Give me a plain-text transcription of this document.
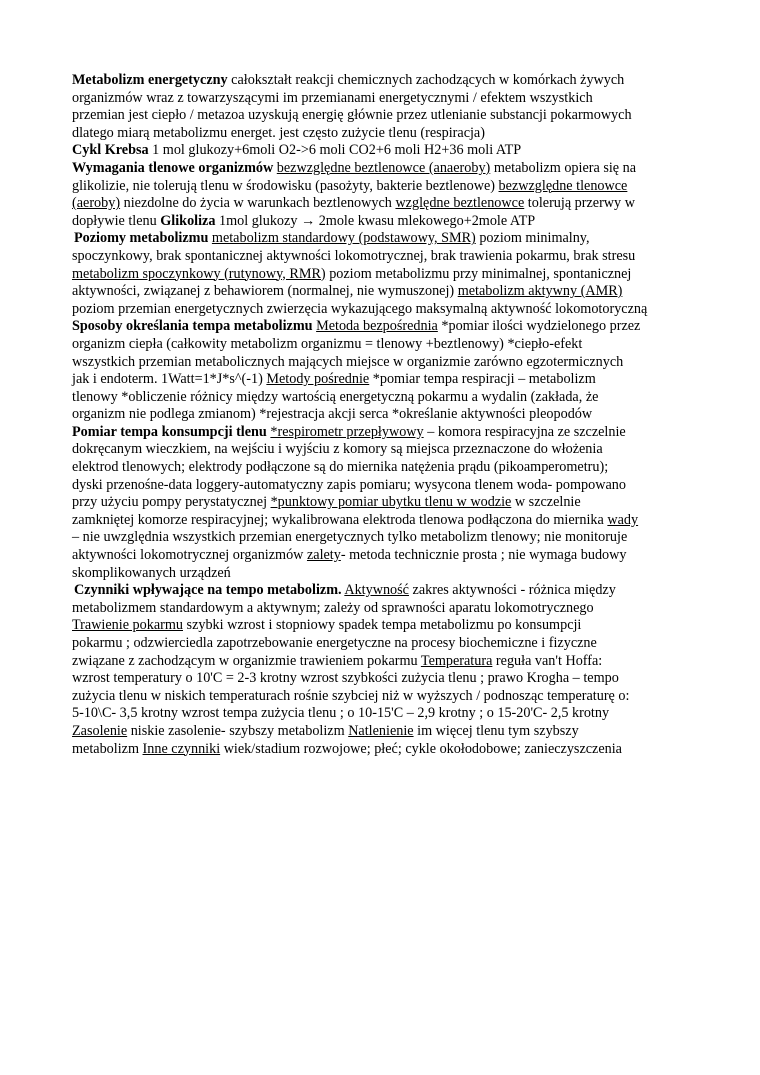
Metabolizm energetyczny całokształt reakcji chemicznych zachodzących w komórkach żywych
organizmów wraz z towarzyszącymi im przemianami energetycznymi / efektem wszystkich
przemian jest ciepło / metazoa uzyskują energię głównie przez utlenianie substancji pokarmowych
dlatego miarą metabolizmu energet. jest często zużycie tlenu (respiracja)
Cykl Krebsa 1 mol glukozy+6moli O2->6 moli CO2+6 moli H2+36 moli ATP
Wymagania tlenowe organizmów bezwzględne beztlenowce (anaeroby) metabolizm opiera się na
glikolizie, nie tolerują tlenu w środowisku (pasożyty, bakterie beztlenowe) bezwzględne tlenowce
(aeroby) niezdolne do życia w warunkach beztlenowych względne beztlenowce tolerują przerwy w
dopływie tlenu Glikoliza 1mol glukozy → 2mole kwasu mlekowego+2mole ATP
Poziomy metabolizmu metabolizm standardowy (podstawowy, SMR) poziom minimalny,
spoczynkowy, brak spontanicznej aktywności lokomotrycznej, brak trawienia pokarmu, brak stresu
metabolizm spoczynkowy (rutynowy, RMR) poziom metabolizmu przy minimalnej, spontanicznej
aktywności, związanej z behawiorem (normalnej, nie wymuszonej) metabolizm aktywny (AMR)
poziom przemian energetycznych zwierzęcia wykazującego maksymalną aktywność lokomotoryczną
Sposoby określania tempa metabolizmu Metoda bezpośrednia *pomiar ilości wydzielonego przez
organizm ciepła (całkowity metabolizm organizmu = tlenowy +beztlenowy) *ciepło-efekt
wszystkich przemian metabolicznych mających miejsce w organizmie zarówno egzotermicznych
jak i endoterm. 1Watt=1*J*s^(-1) Metody pośrednie *pomiar tempa respiracji – metabolizm
tlenowy *obliczenie różnicy między wartością energetyczną pokarmu a wydalin (zakłada, że
organizm nie podlega zmianom) *rejestracja akcji serca *określanie aktywności pleopodów
Pomiar tempa konsumpcji tlenu *respirometr przepływowy – komora respiracyjna ze szczelnie
dokręcanym wieczkiem, na wejściu i wyjściu z komory są miejsca przeznaczone do włożenia
elektrod tlenowych; elektrody podłączone są do miernika natężenia prądu (pikoamperometru);
dyski przenośne-data loggery-automatyczny zapis pomiaru; wysycona tlenem woda- pompowano
przy użyciu pompy perystatycznej *punktowy pomiar ubytku tlenu w wodzie w szczelnie
zamkniętej komorze respiracyjnej; wykalibrowana elektroda tlenowa podłączona do miernika wady
– nie uwzględnia wszystkich przemian energetycznych tylko metabolizm tlenowy; nie monitoruje
aktywności lokomotrycznej organizmów zalety- metoda technicznie prosta ; nie wymaga budowy
skomplikowanych urządzeń
Czynniki wpływające na tempo metabolizm. Aktywność zakres aktywności - różnica między
metabolizmem standardowym a aktywnym; zależy od sprawności aparatu lokomotrycznego
Trawienie pokarmu szybki wzrost i stopniowy spadek tempa metabolizmu po konsumpcji
pokarmu ; odzwierciedla zapotrzebowanie energetyczne na procesy biochemiczne i fizyczne
związane z zachodzącym w organizmie trawieniem pokarmu Temperatura reguła van't Hoffa:
wzrost temperatury o 10'C = 2-3 krotny wzrost szybkości zużycia tlenu ; prawo Krogha – tempo
zużycia tlenu w niskich temperaturach rośnie szybciej niż w wyższych / podnosząc temperaturę o:
5-10\C- 3,5 krotny wzrost tempa zużycia tlenu ; o 10-15'C – 2,9 krotny ; o 15-20'C- 2,5 krotny
Zasolenie niskie zasolenie- szybszy metabolizm Natlenienie im więcej tlenu tym szybszy
metabolizm Inne czynniki wiek/stadium rozwojowe; płeć; cykle okołodobowe; zanieczyszczenia
